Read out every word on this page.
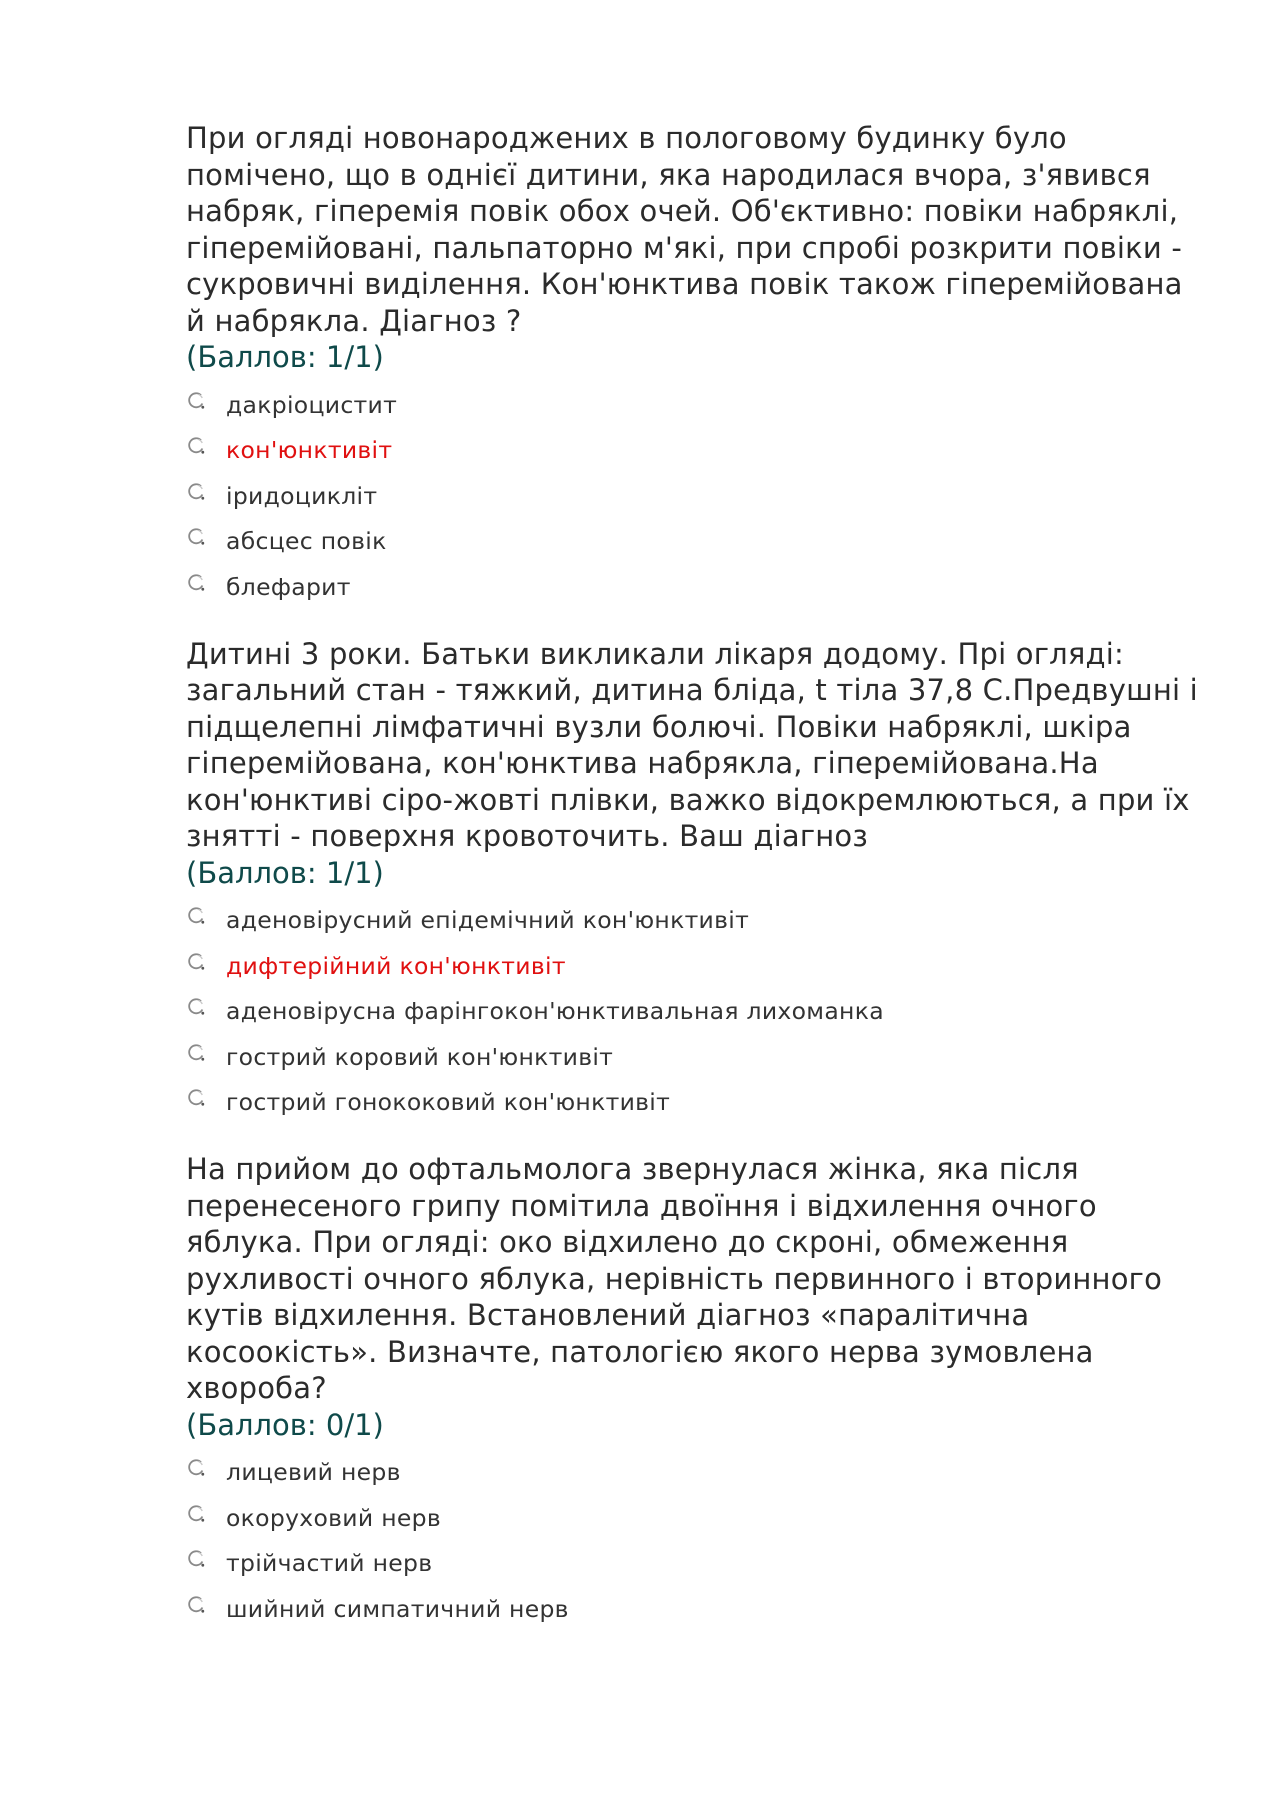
При огляді новонароджених в пологовому будинку було помічено, що в однієї дитини, яка народилася вчора, з'явився набряк, гіперемія повік обох очей. Об'єктивно: повіки набряклі, гіперемійовані, пальпаторно м'які, при спробі розкрити повіки - сукровичні виділення. Кон'юнктива повік також гіперемійована й набрякла. Діагноз ?

(Баллов: 1/1)

дакріоцистит
кон'юнктивіт
іридоцикліт
абсцес повік
блефарит

Дитині 3 роки. Батьки викликали лікаря додому. Прі огляді: загальний стан - тяжкий, дитина бліда, t тіла 37,8 С.Предвушні і підщелепні лімфатичні вузли болючі. Повіки набряклі, шкіра гіперемійована, кон'юнктива набрякла, гіперемійована.На кон'юнктиві сіро-жовті плівки, важко відокремлюються, а при їх знятті - поверхня кровоточить. Ваш діагноз

(Баллов: 1/1)

аденовірусний епідемічний кон'юнктивіт
дифтерійний кон'юнктивіт
аденовірусна фарінгокон'юнктивальная лихоманка
гострий коровий кон'юнктивіт
гострий гонококовий кон'юнктивіт

На прийом до офтальмолога звернулася жінка, яка після перенесеного грипу помітила двоїння і відхилення очного яблука. При огляді: око відхилено до скроні, обмеження рухливості очного яблука, нерівність первинного і вторинного кутів відхилення. Встановлений діагноз «паралітична косоокість». Визначте, патологією якого нерва зумовлена хвороба?

(Баллов: 0/1)

лицевий нерв
окоруховий нерв
трійчастий нерв
шийний симпатичний нерв
